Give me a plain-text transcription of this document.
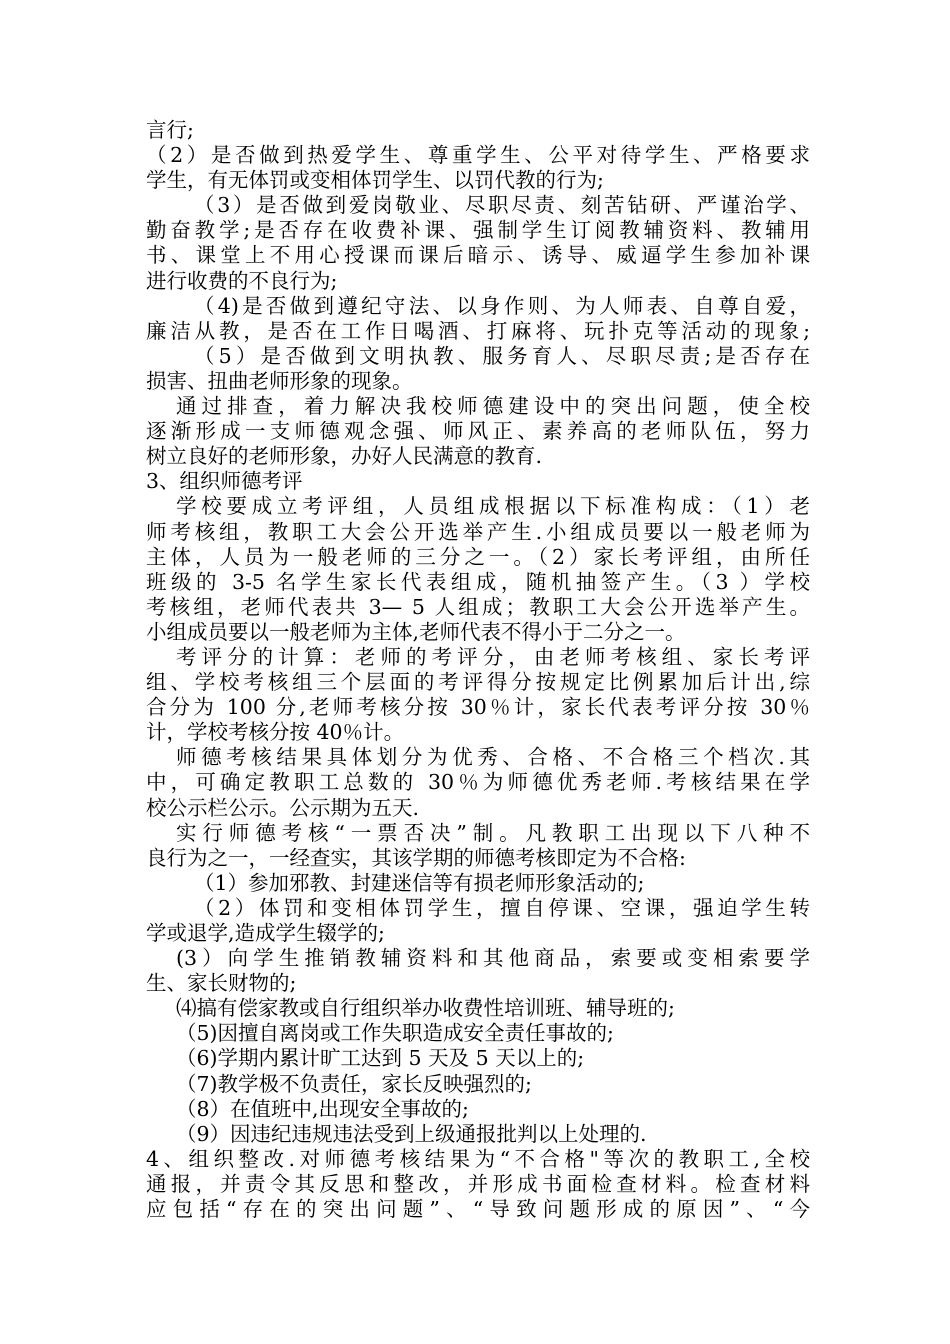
言行;
（2）是否做到热爱学生、尊重学生、公平对待学生、严格要求
学生，有无体罚或变相体罚学生、以罚代教的行为;
（3）是否做到爱岗敬业、尽职尽责、刻苦钻研、严谨治学、
勤奋教学;是否存在收费补课、强制学生订阅教辅资料、教辅用
书、课堂上不用心授课而课后暗示、诱导、威逼学生参加补课
进行收费的不良行为;
（4)是否做到遵纪守法、以身作则、为人师表、自尊自爱，
廉洁从教，是否在工作日喝酒、打麻将、玩扑克等活动的现象;
（5）是否做到文明执教、服务育人、尽职尽责;是否存在
损害、扭曲老师形象的现象。
通过排查，着力解决我校师德建设中的突出问题，使全校
逐渐形成一支师德观念强、师风正、素养高的老师队伍，努力
树立良好的老师形象，办好人民满意的教育.
3、组织师德考评
学校要成立考评组，人员组成根据以下标准构成：（1）老
师考核组，教职工大会公开选举产生.小组成员要以一般老师为
主体，人员为一般老师的三分之一。（2）家长考评组，由所任
班级的 3-5 名学生家长代表组成，随机抽签产生。（3 ）学校
考核组，老师代表共 3— 5 人组成；教职工大会公开选举产生。
小组成员要以一般老师为主体,老师代表不得小于二分之一。
考评分的计算：老师的考评分，由老师考核组、家长考评
组、学校考核组三个层面的考评得分按规定比例累加后计出,综
合分为 100 分,老师考核分按 30％计，家长代表考评分按 30％
计，学校考核分按 40％计。
师德考核结果具体划分为优秀、合格、不合格三个档次.其
中，可确定教职工总数的 30％为师德优秀老师.考核结果在学
校公示栏公示。公示期为五天.
实行师德考核“一票否决”制。凡教职工出现以下八种不
良行为之一，一经查实，其该学期的师德考核即定为不合格:
（1）参加邪教、封建迷信等有损老师形象活动的;
（2）体罚和变相体罚学生，擅自停课、空课，强迫学生转
学或退学,造成学生辍学的;
(3）向学生推销教辅资料和其他商品，索要或变相索要学
生、家长财物的;
⑷搞有偿家教或自行组织举办收费性培训班、辅导班的;
（5)因擅自离岗或工作失职造成安全责任事故的;
（6)学期内累计旷工达到 5 天及 5 天以上的;
（7)教学极不负责任，家长反映强烈的;
（8）在值班中,出现安全事故的;
（9）因违纪违规违法受到上级通报批判以上处理的.
4、组织整改.对师德考核结果为“不合格"等次的教职工,全校
通报，并责令其反思和整改，并形成书面检查材料。检查材料
应包括“存在的突出问题”、“导致问题形成的原因”、“今
